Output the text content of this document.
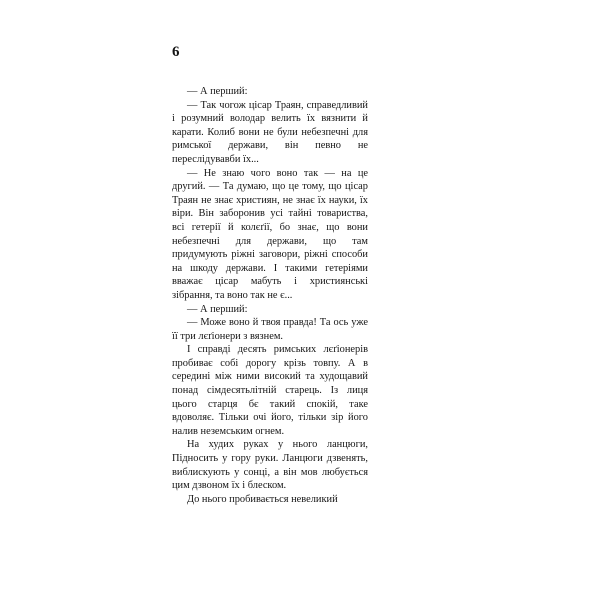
6

— А перший:

— Так чогож цісар Траян, справедливий і розумний володар велить їх вязнити й карати. Колиб вони не були небезпечні для римської держави, він певно не переслідувавби їх...

— Не знаю чого воно так — на це другий. — Та думаю, що це тому, що цісар Траян не знає християн, не знає їх науки, їх віри. Він заборонив усі тайні товариства, всі гетерії й колєґії, бо знає, що вони небезпечні для держави, що там придумують ріжні заговори, ріжні способи на шкоду держави. І такими гетеріями вважає цісар мабуть і християнські зібрання, та воно так не є...

— А перший:

— Може воно й твоя правда! Та ось уже її три лєґіонери з вязнем.

І справді десять римських лєґіонерів пробиває собі дорогу крізь товпу. А в середині між ними високий та худощавий понад сімдесятьлітній старець. Із лиця цього старця бє такий спокій, таке вдоволяє. Тільки очі його, тільки зір його налив неземським огнем.

На худих руках у нього ланцюги, Підносить у гору руки. Ланцюги дзвенять, виблискують у сонці, а він мов любується цим дзвоном їх і блеском.

До нього пробивається невеликий
